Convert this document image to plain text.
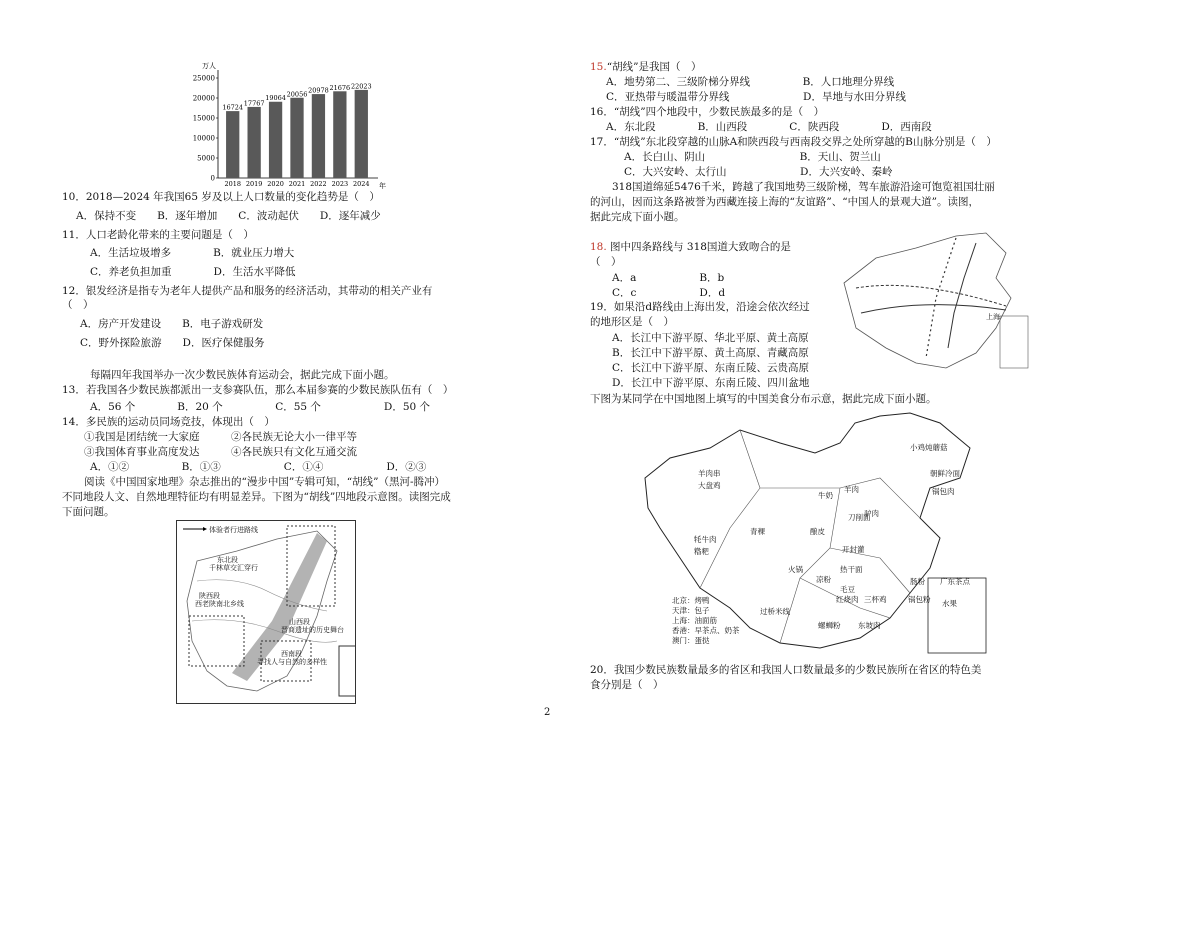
万人
年
0
5000
10000
15000
20000
25000
16724
2018
17767
2019
19064
2020
20056
2021
20978
2022
21676
2023
22023
2024
10．2018—2024 年我国65 岁及以上人口数量的变化趋势是（　）
A．保持不变　　B．逐年增加　　C．波动起伏　　D．逐年减少
11．人口老龄化带来的主要问题是（　）
A．生活垃圾增多　　　　B．就业压力增大
C．养老负担加重　　　　D．生活水平降低
12．银发经济是指专为老年人提供产品和服务的经济活动，其带动的相关产业有
（　）
A．房产开发建设　　B．电子游戏研发
C．野外探险旅游　　D．医疗保健服务
每隔四年我国举办一次少数民族体育运动会，据此完成下面小题。
13．若我国各少数民族都派出一支参赛队伍，那么本届参赛的少数民族队伍有（　）
A．56 个　　　　B．20 个　　　　　C．55 个　　　　　　D．50 个
14．多民族的运动员同场竞技，体现出（　）
①我国是团结统一大家庭　　　②各民族无论大小一律平等
③我国体育事业高度发达　　　④各民族只有文化互通交流
A．①②　　　　　B．①③　　　　　　C．①④　　　　　　D．②③
阅读《中国国家地理》杂志推出的“漫步中国”专辑可知，“胡线”（黑河-腾冲）
不同地段人文、自然地理特征均有明显差异。下图为“胡线”四地段示意图。读图完成
下面问题。
体验者行进路线
东北段
千林草交汇穿行
陕西段
西老陕南北乡线
山西段
晋商遗址的历史舞台
西南段
寻找人与自然的多样性
15.“胡线”是我国（　）
A．地势第二、三级阶梯分界线　　　　　B．人口地理分界线
C．亚热带与暖温带分界线　　　　　　　D．旱地与水田分界线
16．“胡线”四个地段中，少数民族最多的是（　）
A．东北段　　　　B．山西段　　　　C．陕西段　　　　D．西南段
17．“胡线”东北段穿越的山脉A和陕西段与西南段交界之处所穿越的B山脉分别是（　）
A．长白山、阴山　　　　　　　　　B．天山、贺兰山
C．大兴安岭、太行山　　　　　　　D．大兴安岭、秦岭
318国道绵延5476千米，跨越了我国地势三级阶梯，驾车旅游沿途可饱览祖国壮丽
的河山，因而这条路被誉为西藏连接上海的“友谊路”、“中国人的景观大道”。读图，
据此完成下面小题。
18. 图中四条路线与 318国道大致吻合的是
（　）
A．a　　　　　　B．b
C．c　　　　　　D．d
19．如果沿d路线由上海出发，沿途会依次经过
的地形区是（　）
A．长江中下游平原、华北平原、黄土高原
B．长江中下游平原、黄土高原、青藏高原
C．长江中下游平原、东南丘陵、云贵高原
D．长江中下游平原、东南丘陵、四川盆地
上海
下图为某同学在中国地图上填写的中国美食分布示意，据此完成下面小题。
小鸡炖蘑菇
朝鲜冷面
锅包肉
羊肉串
大盘鸡
牛奶
羊肉
青稞
刀削面
驴肉
酿皮
牦牛肉
糌粑	开封灌
火锅	热干面
凉粉	肠粉
过桥米线
螺蛳粉 东坡肉
毛豆
红烧肉	水果
广东茶点
锅包粉
三杯鸡
北京：烤鸭
天津：包子
上海：油面筋
香港：早茶点、奶茶
澳门：蛋挞
20．我国少数民族数量最多的省区和我国人口数量最多的少数民族所在省区的特色美
食分别是（　）
2
